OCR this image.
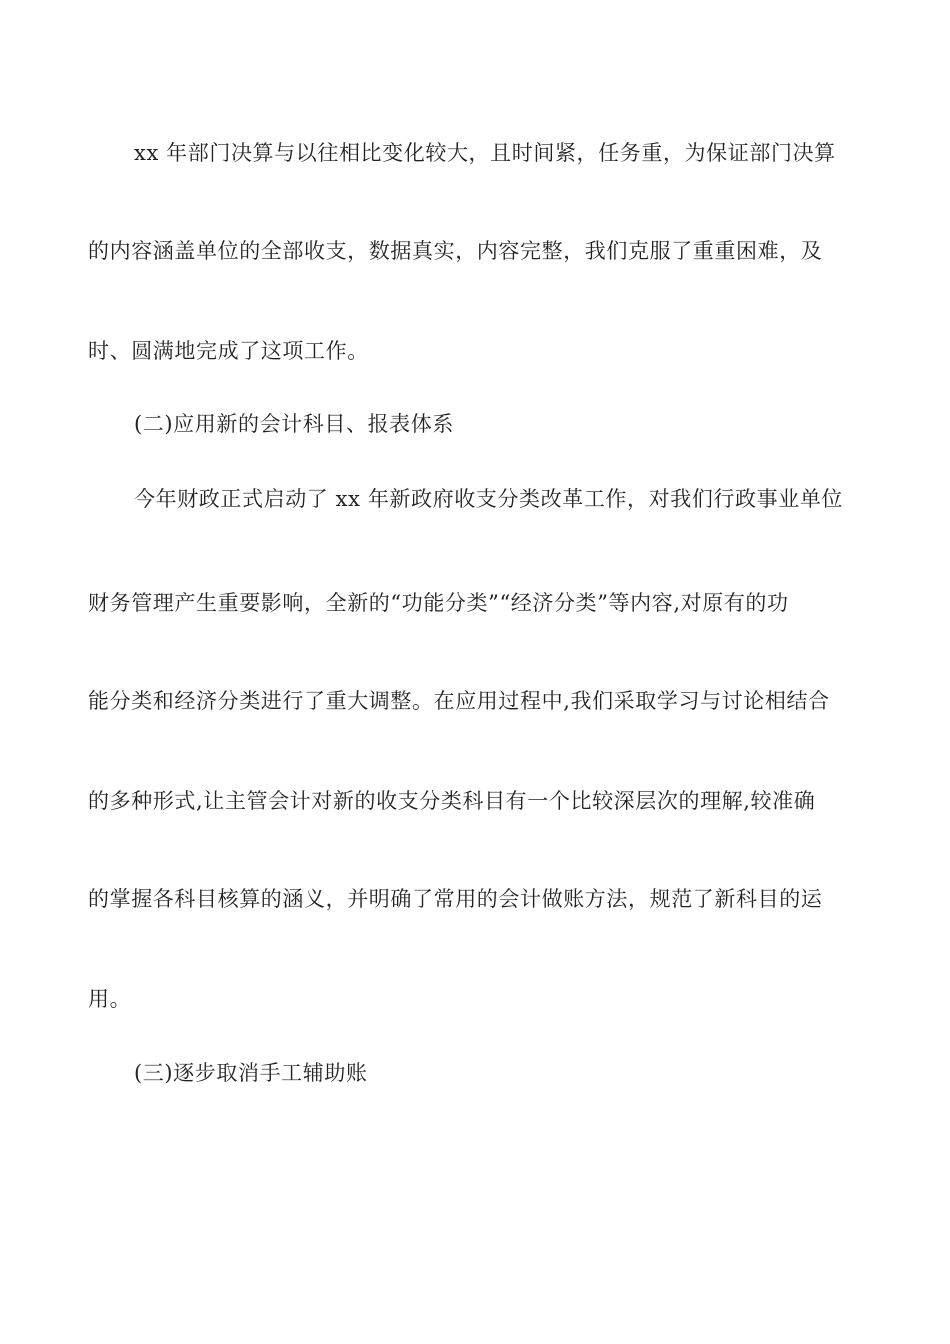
xx 年部门决算与以往相比变化较大，且时间紧，任务重，为保证部门决算
的内容涵盖单位的全部收支，数据真实，内容完整，我们克服了重重困难，及
时、圆满地完成了这项工作。
(二)应用新的会计科目、报表体系
今年财政正式启动了 xx 年新政府收支分类改革工作，对我们行政事业单位
财务管理产生重要影响，全新的“功能分类”“经济分类”等内容,对原有的功
能分类和经济分类进行了重大调整。在应用过程中,我们采取学习与讨论相结合
的多种形式,让主管会计对新的收支分类科目有一个比较深层次的理解,较准确
的掌握各科目核算的涵义，并明确了常用的会计做账方法，规范了新科目的运
用。
(三)逐步取消手工辅助账
